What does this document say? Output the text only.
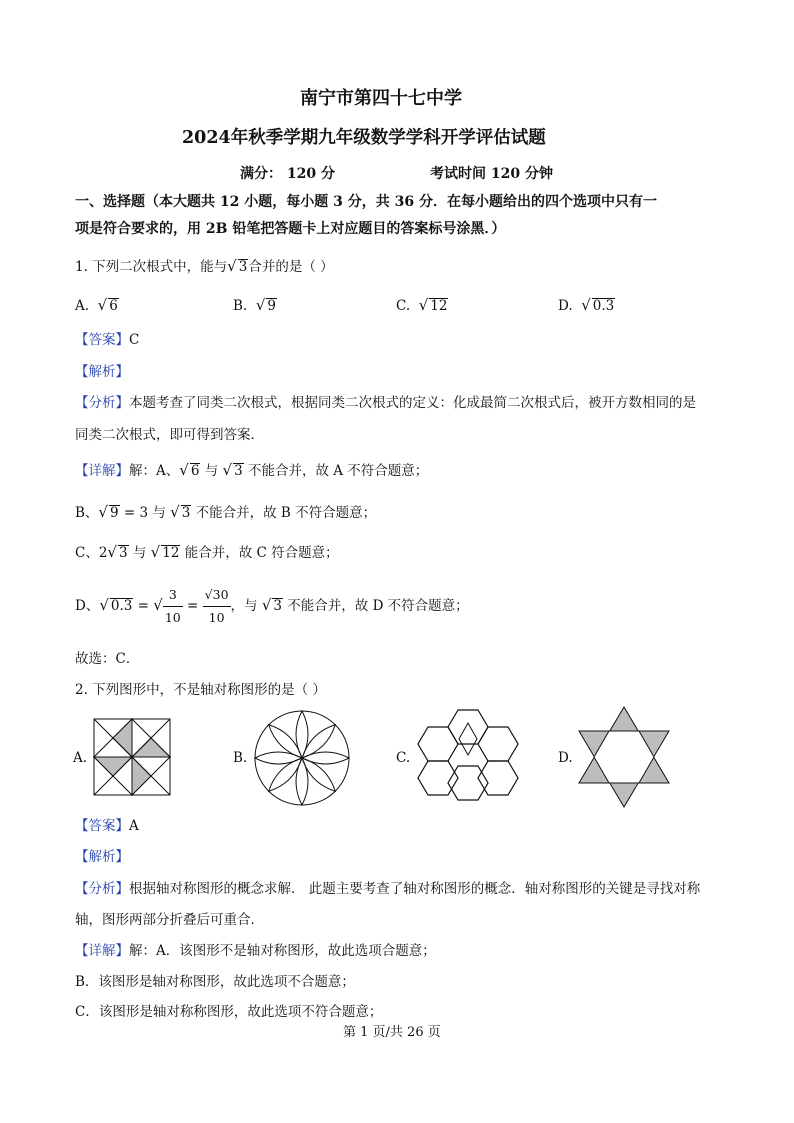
南宁市第四十七中学
2024年秋季学期九年级数学学科开学评估试题
满分： 120 分	考试时间 120 分钟
一、选择题（本大题共 12 小题，每小题 3 分，共 36 分．在每小题给出的四个选项中只有一
项是符合要求的，用 2B 铅笔把答题卡上对应题目的答案标号涂黑．）
1. 下列二次根式中，能与√ 3合并的是（ ）
A. √ 6	B. √ 9	C. √ 12	D. √ 0.3
【答案】C
【解析】
【分析】本题考查了同类二次根式，根据同类二次根式的定义：化成最简二次根式后，被开方数相同的是
同类二次根式，即可得到答案．
【详解】解：A、√ 6 与 √ 3 不能合并，故 A 不符合题意；
B、√ 9 = 3 与 √ 3 不能合并，故 B 不符合题意；
C、2√ 3 与 √ 12 能合并，故 C 符合题意；
D、√ 0.3 = √ $\frac{3}{10} = \frac{√30}{10}$ ，与 √ 3 不能合并，故 D 不符合题意；
故选：C．
2. 下列图形中，不是轴对称图形的是（ ）
A.	B.	C.	D.
【答案】A
【解析】
【分析】根据轴对称图形的概念求解． 此题主要考查了轴对称图形的概念．轴对称图形的关键是寻找对称
轴，图形两部分折叠后可重合．
【详解】解：A．该图形不是轴对称图形，故此选项合题意；
B．该图形是轴对称图形，故此选项不合题意；
C．该图形是轴对称称图形，故此选项不符合题意；
第 1 页/共 26 页
